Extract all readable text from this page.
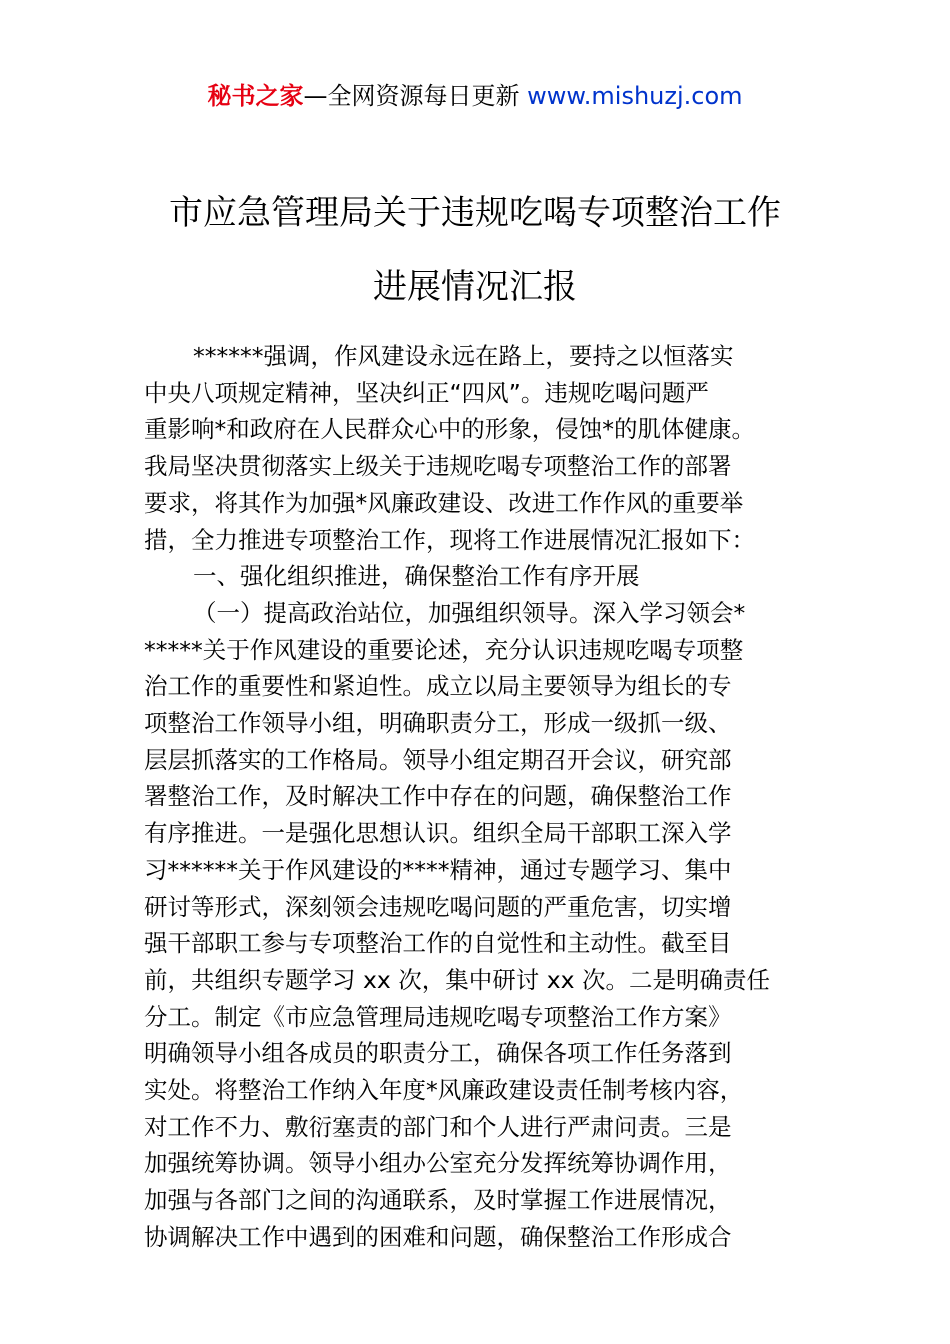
秘书之家—全网资源每日更新 www.mishuzj.com
市应急管理局关于违规吃喝专项整治工作
进展情况汇报
******强调，作风建设永远在路上，要持之以恒落实
中央八项规定精神，坚决纠正“四风”。违规吃喝问题严
重影响*和政府在人民群众心中的形象，侵蚀*的肌体健康。
我局坚决贯彻落实上级关于违规吃喝专项整治工作的部署
要求，将其作为加强*风廉政建设、改进工作作风的重要举
措，全力推进专项整治工作，现将工作进展情况汇报如下：
一、强化组织推进，确保整治工作有序开展
（一）提高政治站位，加强组织领导。深入学习领会*
*****关于作风建设的重要论述，充分认识违规吃喝专项整
治工作的重要性和紧迫性。成立以局主要领导为组长的专
项整治工作领导小组，明确职责分工，形成一级抓一级、
层层抓落实的工作格局。领导小组定期召开会议，研究部
署整治工作，及时解决工作中存在的问题，确保整治工作
有序推进。一是强化思想认识。组织全局干部职工深入学
习******关于作风建设的****精神，通过专题学习、集中
研讨等形式，深刻领会违规吃喝问题的严重危害，切实增
强干部职工参与专项整治工作的自觉性和主动性。截至目
前，共组织专题学习 xx 次，集中研讨 xx 次。二是明确责任
分工。制定《市应急管理局违规吃喝专项整治工作方案》
明确领导小组各成员的职责分工，确保各项工作任务落到
实处。将整治工作纳入年度*风廉政建设责任制考核内容，
对工作不力、敷衍塞责的部门和个人进行严肃问责。三是
加强统筹协调。领导小组办公室充分发挥统筹协调作用，
加强与各部门之间的沟通联系，及时掌握工作进展情况，
协调解决工作中遇到的困难和问题，确保整治工作形成合
